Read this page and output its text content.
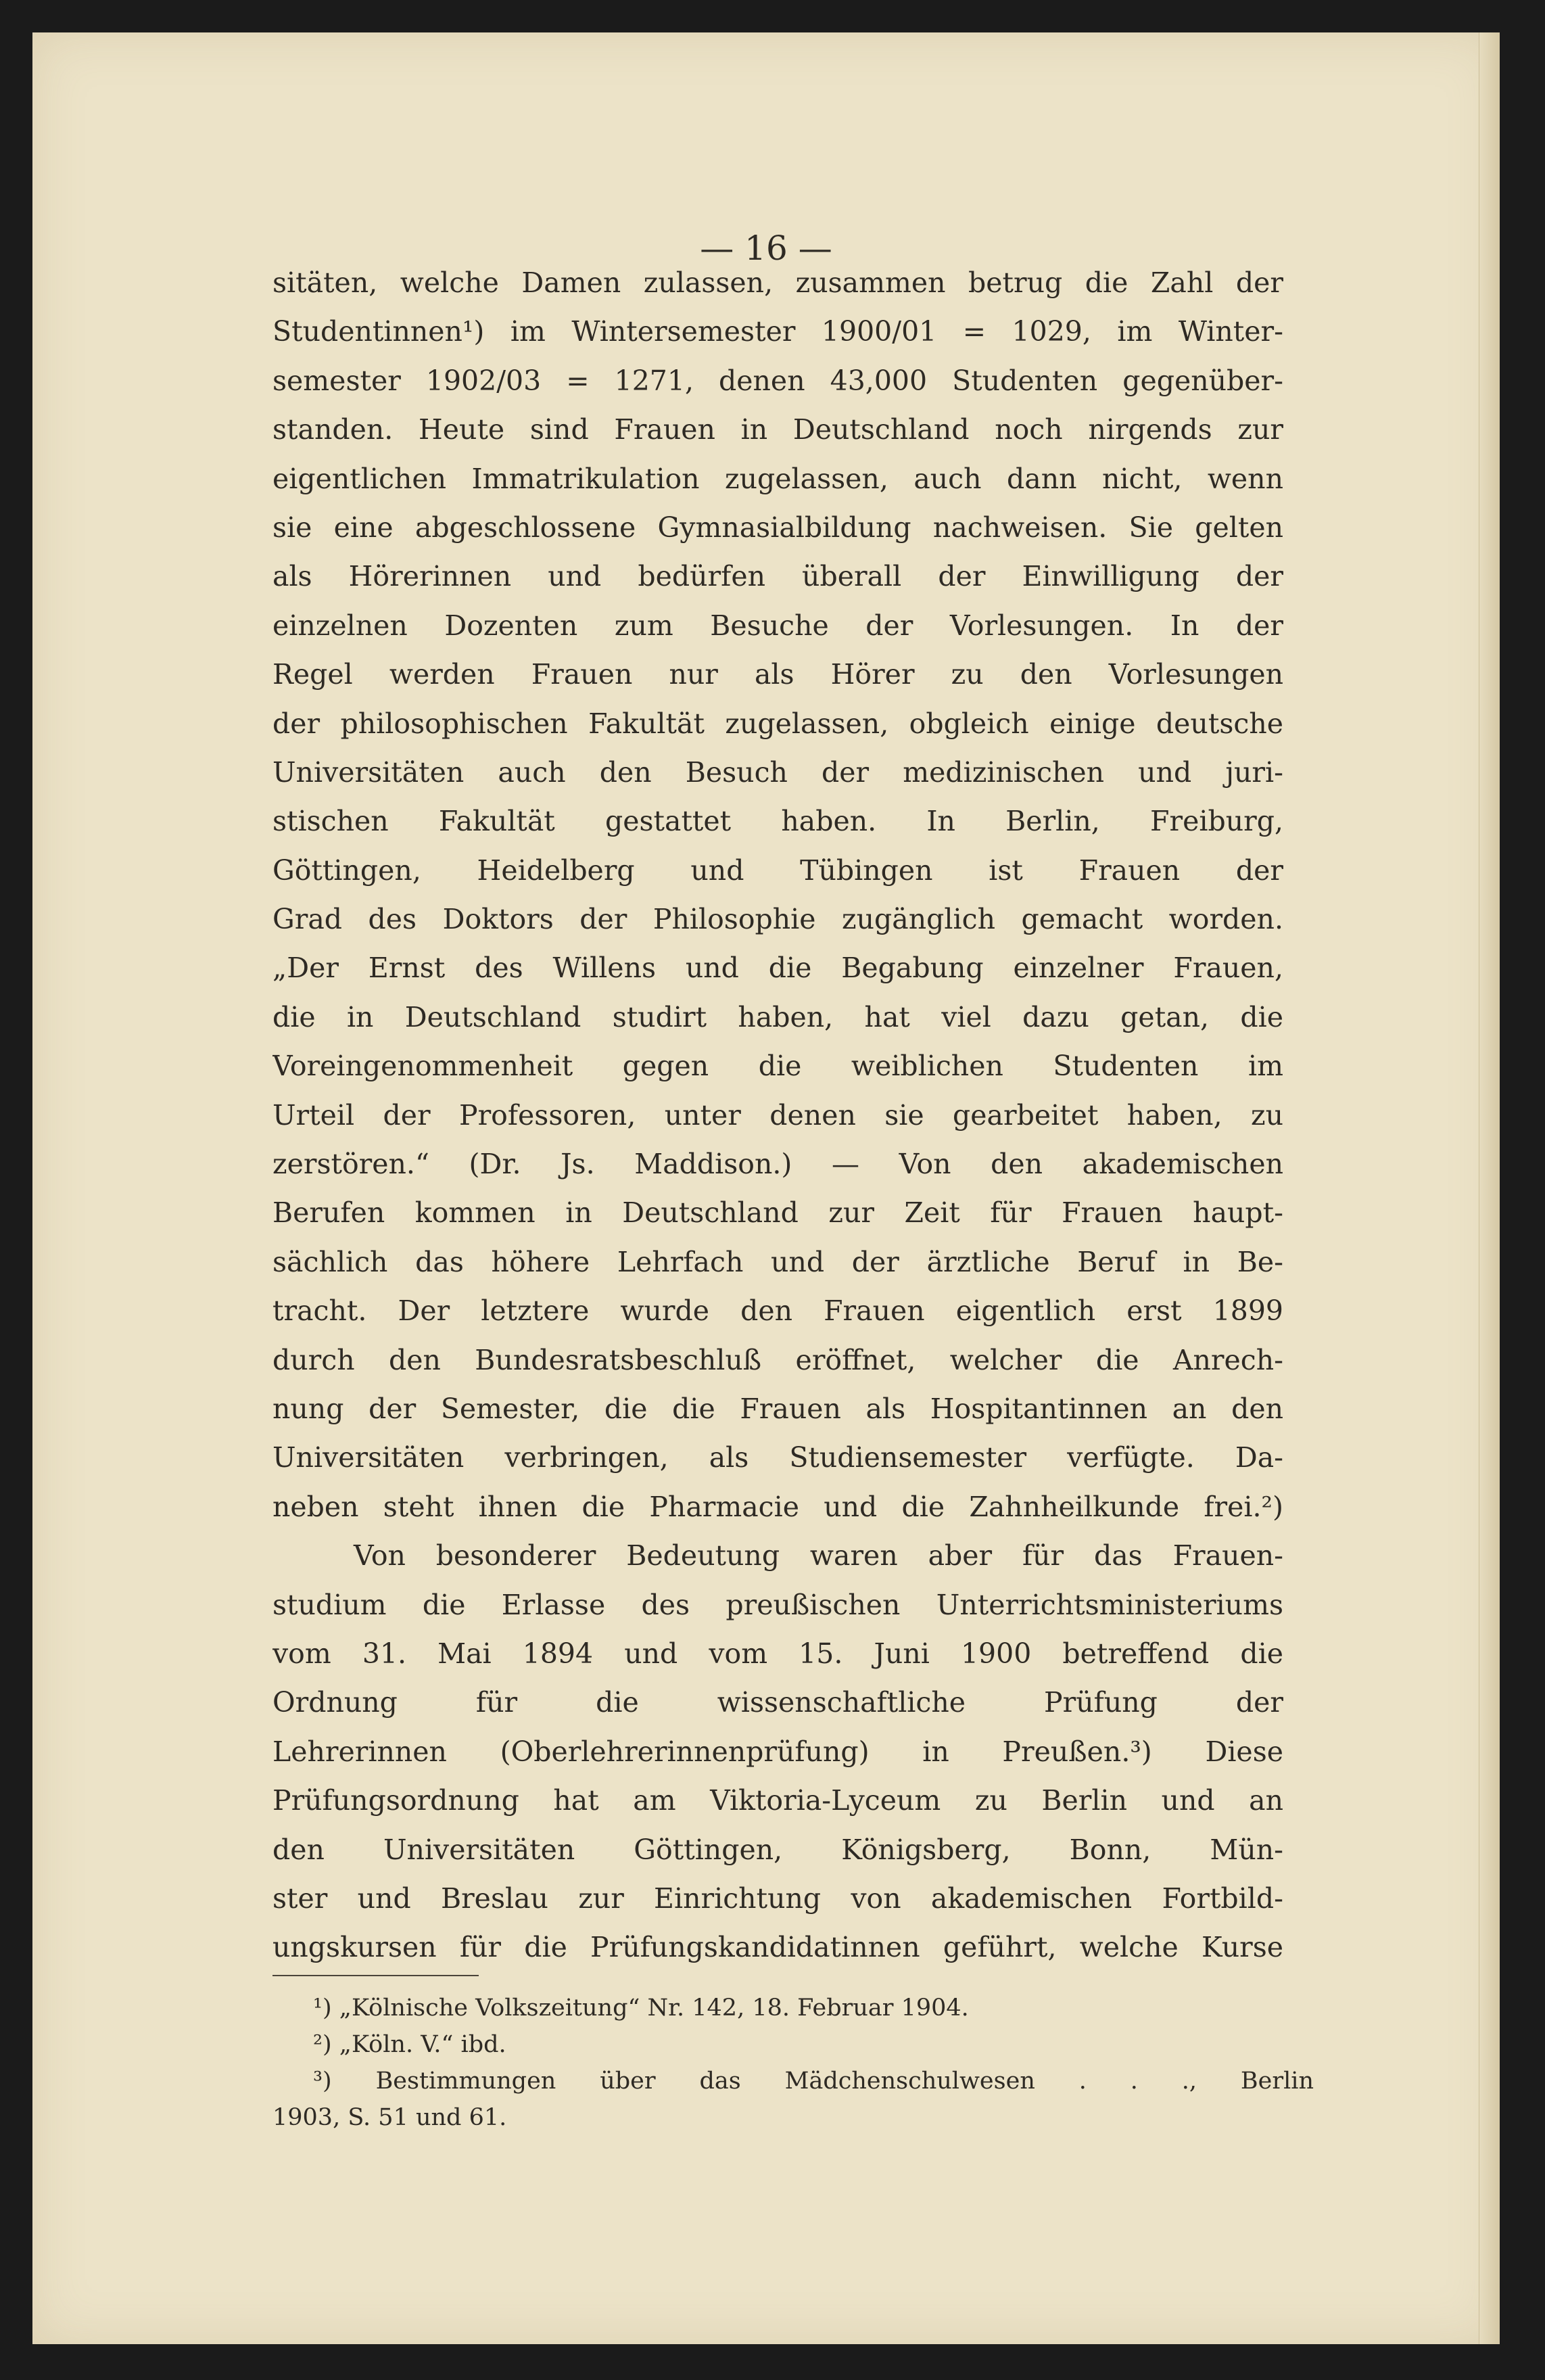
— 16 —
sitäten, welche Damen zulassen, zusammen betrug die Zahl der
Studentinnen¹) im Wintersemester 1900/01 = 1029, im Winter-
semester 1902/03 = 1271, denen 43,000 Studenten gegenüber-
standen. Heute sind Frauen in Deutschland noch nirgends zur
eigentlichen Immatrikulation zugelassen, auch dann nicht, wenn
sie eine abgeschlossene Gymnasialbildung nachweisen. Sie gelten
als Hörerinnen und bedürfen überall der Einwilligung der
einzelnen Dozenten zum Besuche der Vorlesungen. In der
Regel werden Frauen nur als Hörer zu den Vorlesungen
der philosophischen Fakultät zugelassen, obgleich einige deutsche
Universitäten auch den Besuch der medizinischen und juri-
stischen Fakultät gestattet haben. In Berlin, Freiburg,
Göttingen, Heidelberg und Tübingen ist Frauen der
Grad des Doktors der Philosophie zugänglich gemacht worden.
„Der Ernst des Willens und die Begabung einzelner Frauen,
die in Deutschland studirt haben, hat viel dazu getan, die
Voreingenommenheit gegen die weiblichen Studenten im
Urteil der Professoren, unter denen sie gearbeitet haben, zu
zerstören.“ (Dr. Js. Maddison.) — Von den akademischen
Berufen kommen in Deutschland zur Zeit für Frauen haupt-
sächlich das höhere Lehrfach und der ärztliche Beruf in Be-
tracht. Der letztere wurde den Frauen eigentlich erst 1899
durch den Bundesratsbeschluß eröffnet, welcher die Anrech-
nung der Semester, die die Frauen als Hospitantinnen an den
Universitäten verbringen, als Studiensemester verfügte. Da-
neben steht ihnen die Pharmacie und die Zahnheilkunde frei.²)
Von besonderer Bedeutung waren aber für das Frauen-
studium die Erlasse des preußischen Unterrichtsministeriums
vom 31. Mai 1894 und vom 15. Juni 1900 betreffend die
Ordnung für die wissenschaftliche Prüfung der
Lehrerinnen (Oberlehrerinnenprüfung) in Preußen.³) Diese
Prüfungsordnung hat am Viktoria-Lyceum zu Berlin und an
den Universitäten Göttingen, Königsberg, Bonn, Mün-
ster und Breslau zur Einrichtung von akademischen Fortbild-
ungskursen für die Prüfungskandidatinnen geführt, welche Kurse
¹) „Kölnische Volkszeitung“ Nr. 142, 18. Februar 1904.
²) „Köln. V.“ ibd.
³) Bestimmungen über das Mädchenschulwesen . . ., Berlin
1903, S. 51 und 61.
